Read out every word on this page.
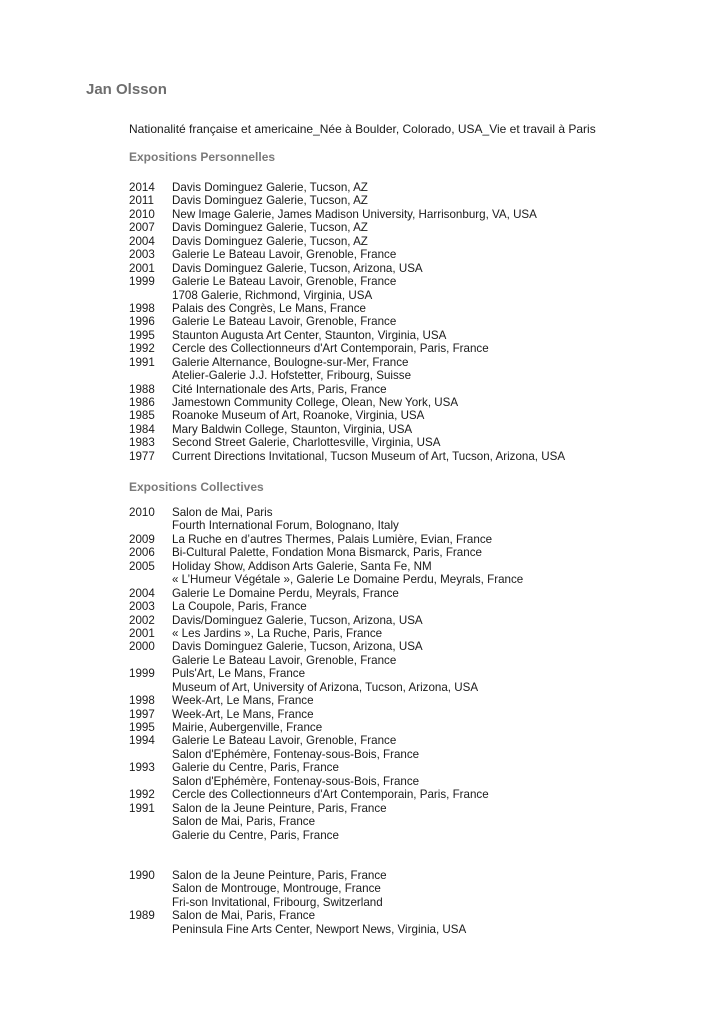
Jan Olsson
Nationalité française et americaine_Née à Boulder, Colorado, USA_Vie et travail à Paris
Expositions Personnelles
2014	Davis Dominguez Galerie, Tucson, AZ
2011	Davis Dominguez Galerie, Tucson, AZ
2010	New Image Galerie, James Madison University, Harrisonburg, VA, USA
2007	Davis Dominguez Galerie, Tucson, AZ
2004	Davis Dominguez Galerie, Tucson, AZ
2003	Galerie Le Bateau Lavoir, Grenoble, France
2001	Davis Dominguez Galerie, Tucson, Arizona, USA
1999	Galerie Le Bateau Lavoir, Grenoble, France
1708 Galerie, Richmond, Virginia, USA
1998	Palais des Congrès, Le Mans, France
1996	Galerie Le Bateau Lavoir, Grenoble, France
1995	Staunton Augusta Art Center, Staunton, Virginia, USA
1992	Cercle des Collectionneurs d'Art Contemporain, Paris, France
1991	Galerie Alternance, Boulogne-sur-Mer, France
Atelier-Galerie J.J. Hofstetter, Fribourg, Suisse
1988	Cité Internationale des Arts, Paris, France
1986	Jamestown Community College, Olean, New York, USA
1985	Roanoke Museum of Art, Roanoke, Virginia, USA
1984	Mary Baldwin College, Staunton, Virginia, USA
1983	Second Street Galerie, Charlottesville, Virginia, USA
1977	Current Directions Invitational, Tucson Museum of Art, Tucson, Arizona, USA
Expositions Collectives
2010	Salon de Mai, Paris
Fourth International Forum, Bolognano, Italy
2009	La Ruche en d’autres Thermes, Palais Lumière, Evian, France
2006	Bi-Cultural Palette, Fondation Mona Bismarck, Paris, France
2005	Holiday Show, Addison Arts Galerie, Santa Fe, NM
« L’Humeur Végétale », Galerie Le Domaine Perdu, Meyrals, France
2004	Galerie Le Domaine Perdu, Meyrals, France
2003	La Coupole, Paris, France
2002	Davis/Dominguez Galerie, Tucson, Arizona, USA
2001	« Les Jardins », La Ruche, Paris, France
2000	Davis Dominguez Galerie, Tucson, Arizona, USA
Galerie Le Bateau Lavoir, Grenoble, France
1999	Puls'Art, Le Mans, France
Museum of Art, University of Arizona, Tucson, Arizona, USA
1998	Week-Art, Le Mans, France
1997	Week-Art, Le Mans, France
1995	Mairie, Aubergenville, France
1994	Galerie Le Bateau Lavoir, Grenoble, France
Salon d'Ephémère, Fontenay-sous-Bois, France
1993	Galerie du Centre, Paris, France
Salon d'Ephémère, Fontenay-sous-Bois, France
1992	Cercle des Collectionneurs d'Art Contemporain, Paris, France
1991	Salon de la Jeune Peinture, Paris, France
Salon de Mai, Paris, France
Galerie du Centre, Paris, France
1990	Salon de la Jeune Peinture, Paris, France
Salon de Montrouge, Montrouge, France
Fri-son Invitational, Fribourg, Switzerland
1989	Salon de Mai, Paris, France
Peninsula Fine Arts Center, Newport News, Virginia, USA
